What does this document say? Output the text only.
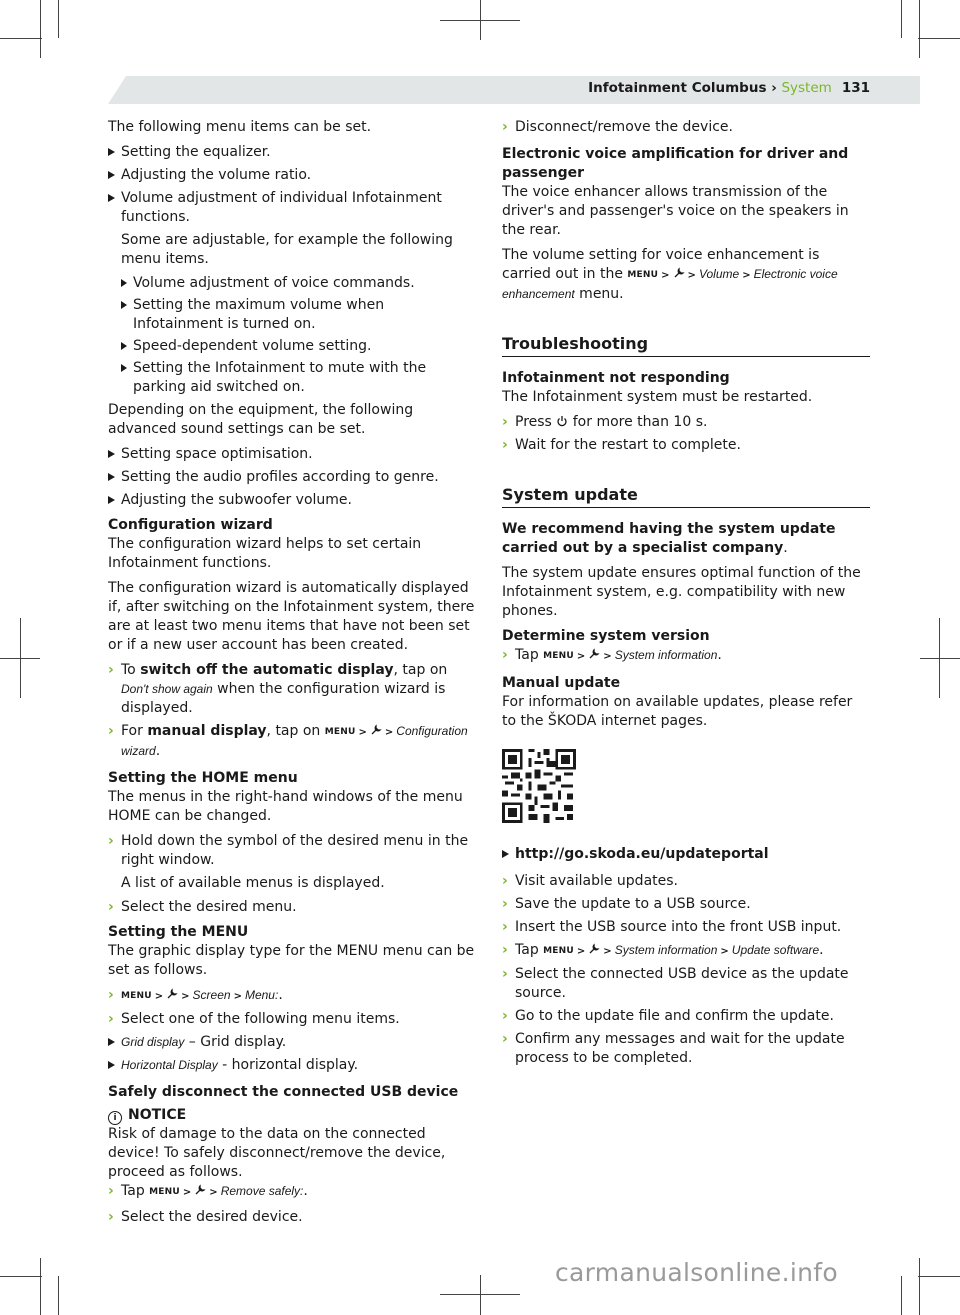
Infotainment Columbus › System 131

The following menu items can be set.

Setting the equalizer.
Adjusting the volume ratio.
Volume adjustment of individual Infotainment functions.

Some are adjustable, for example the following menu items.

Volume adjustment of voice commands.
Setting the maximum volume when Infotainment is turned on.
Speed-dependent volume setting.
Setting the Infotainment to mute with the parking aid switched on.

Depending on the equipment, the following advanced sound settings can be set.

Setting space optimisation.
Setting the audio profiles according to genre.
Adjusting the subwoofer volume.
Configuration wizard

The configuration wizard helps to set certain Infotainment functions.

The configuration wizard is automatically displayed if, after switching on the Infotainment system, there are at least two menu items that have not been set or if a new user account has been created.

› To switch off the automatic display, tap on Don't show again when the configuration wizard is displayed.
› For manual display, tap on MENU > > Configuration wizard.
Setting the HOME menu

The menus in the right-hand windows of the menu HOME can be changed.

› Hold down the symbol of the desired menu in the right window.

A list of available menus is displayed.

› Select the desired menu.
Setting the MENU

The graphic display type for the MENU menu can be set as follows.

› MENU > > Screen > Menu:.
› Select one of the following menu items.
Grid display – Grid display.
Horizontal Display - horizontal display.
Safely disconnect the connected USB device
i NOTICE
Risk of damage to the data on the connected device! To safely disconnect/remove the device, proceed as follows.
› Tap MENU > > Remove safely:.
› Select the desired device.
› Disconnect/remove the device.
Electronic voice amplification for driver and passenger

The voice enhancer allows transmission of the driver's and passenger's voice on the speakers in the rear.

The volume setting for voice enhancement is carried out in the MENU > > Volume > Electronic voice enhancement menu.

Troubleshooting
Infotainment not responding

The Infotainment system must be restarted.

› Press  for more than 10 s.
› Wait for the restart to complete.
System update

We recommend having the system update carried out by a specialist company.

The system update ensures optimal function of the Infotainment system, e.g. compatibility with new phones.

Determine system version
› Tap MENU > > System information.
Manual update

For information on available updates, please refer to the ŠKODA internet pages.

http://go.skoda.eu/updateportal
› Visit available updates.
› Save the update to a USB source.
› Insert the USB source into the front USB input.
› Tap MENU > > System information > Update software.
› Select the connected USB device as the update source.
› Go to the update file and confirm the update.
› Confirm any messages and wait for the update process to be completed.
carmanualsonline.info
